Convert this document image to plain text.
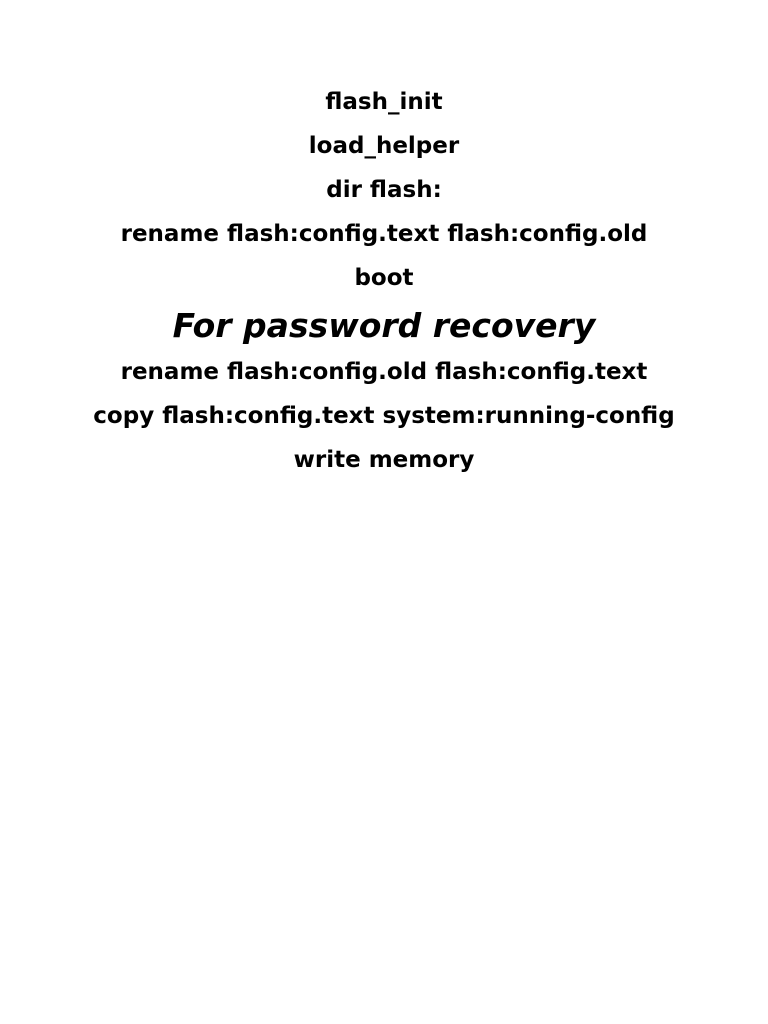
flash_init
load_helper
dir flash:
rename flash:config.text flash:config.old
boot
For password recovery
rename flash:config.old flash:config.text
copy flash:config.text system:running-config
write memory
